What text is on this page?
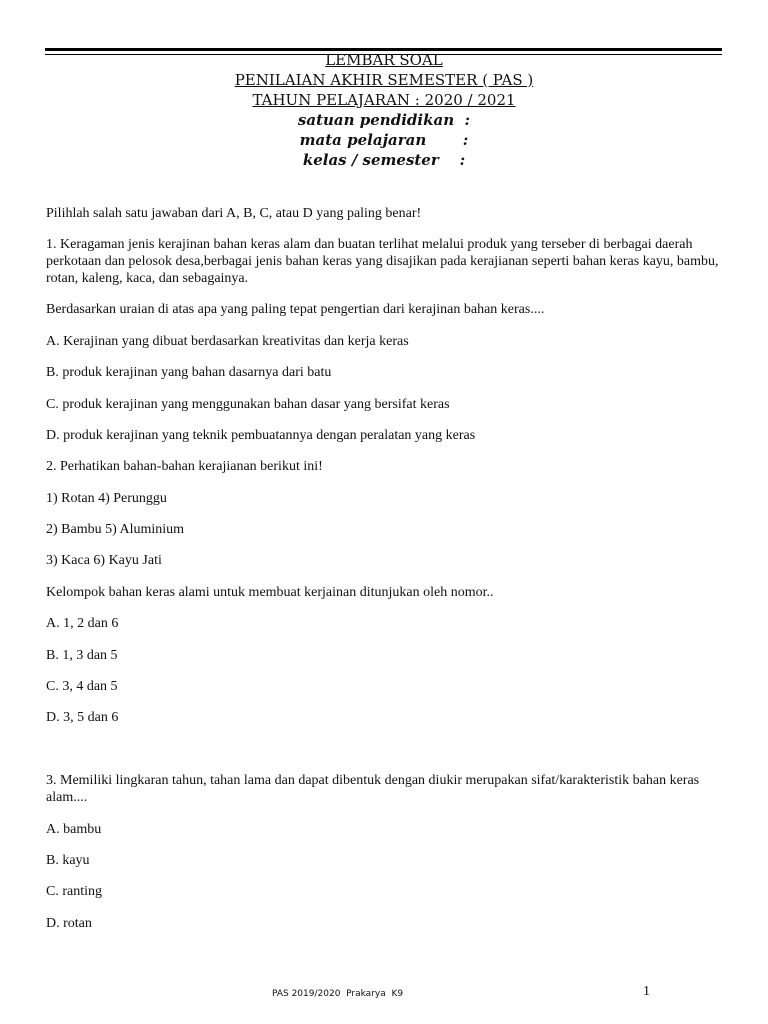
LEMBAR SOAL
PENILAIAN AKHIR SEMESTER ( PAS )
TAHUN PELAJARAN : 2020 / 2021
satuan pendidikan  :
mata pelajaran       :
kelas / semester    :
Pilihlah salah satu jawaban dari A, B, C, atau D yang paling benar!
1. Keragaman jenis kerajinan bahan keras alam dan buatan terlihat melalui produk yang terseber di berbagai daerah perkotaan dan pelosok desa,berbagai jenis bahan keras yang disajikan pada kerajianan seperti bahan keras kayu, bambu, rotan, kaleng, kaca, dan sebagainya.
Berdasarkan uraian di atas apa yang paling tepat pengertian dari kerajinan bahan keras....
A. Kerajinan yang dibuat berdasarkan kreativitas dan kerja keras
B. produk kerajinan yang bahan dasarnya dari batu
C. produk kerajinan yang menggunakan bahan dasar yang bersifat keras
D. produk kerajinan yang teknik pembuatannya dengan peralatan yang keras
2. Perhatikan bahan-bahan kerajianan berikut ini!
1) Rotan 4) Perunggu
2) Bambu 5) Aluminium
3) Kaca 6) Kayu Jati
Kelompok bahan keras alami untuk membuat kerjainan ditunjukan oleh nomor..
A. 1, 2 dan 6
B. 1, 3 dan 5
C. 3, 4 dan 5
D. 3, 5 dan 6
3. Memiliki lingkaran tahun, tahan lama dan dapat dibentuk dengan diukir merupakan sifat/karakteristik bahan keras alam....
A. bambu
B. kayu
C. ranting
D. rotan
PAS 2019/2020  Prakarya  K9	1
